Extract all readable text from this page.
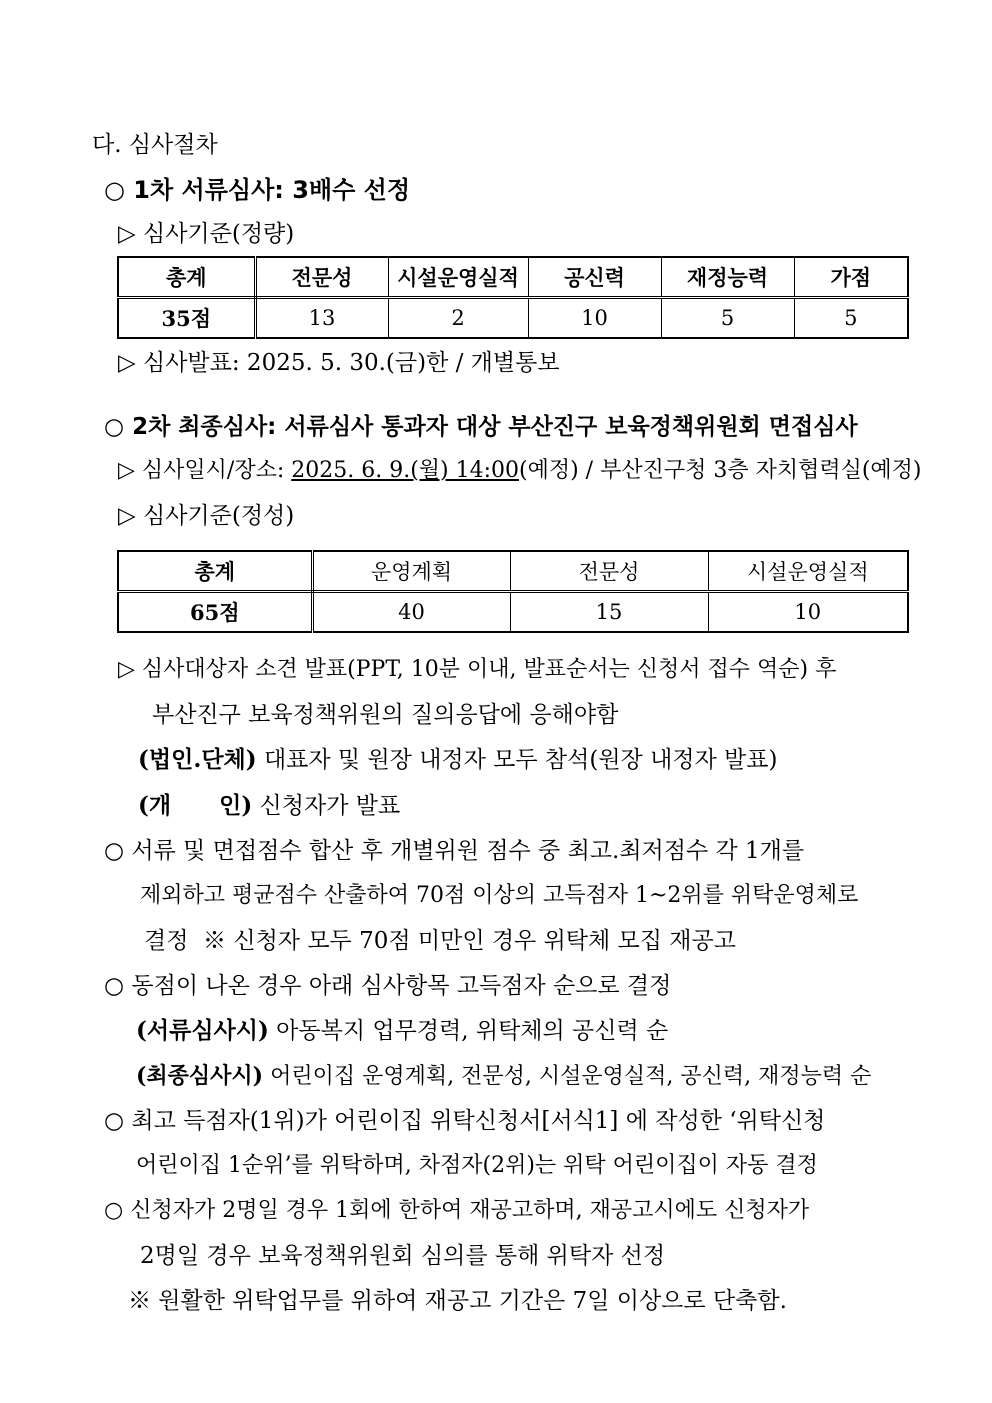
다. 심사절차
○ 1차 서류심사: 3배수 선정
▷ 심사기준(정량)
총계	전문성	시설운영실적	공신력	재정능력	가점
35점	13	2	10	5	5
▷ 심사발표: 2025. 5. 30.(금)한 / 개별통보
○ 2차 최종심사: 서류심사 통과자 대상 부산진구 보육정책위원회 면접심사
▷ 심사일시/장소: 2025. 6. 9.(월) 14:00(예정) / 부산진구청 3층 자치협력실(예정)
▷ 심사기준(정성)
총계	운영계획	전문성	시설운영실적
65점	40	15	10
▷ 심사대상자 소견 발표(PPT, 10분 이내, 발표순서는 신청서 접수 역순) 후
부산진구 보육정책위원의 질의응답에 응해야함
(법인.단체) 대표자 및 원장 내정자 모두 참석(원장 내정자 발표)
(개      인) 신청자가 발표
○ 서류 및 면접점수 합산 후 개별위원 점수 중 최고.최저점수 각 1개를
제외하고 평균점수 산출하여 70점 이상의 고득점자 1~2위를 위탁운영체로
결정  ※ 신청자 모두 70점 미만인 경우 위탁체 모집 재공고
○ 동점이 나온 경우 아래 심사항목 고득점자 순으로 결정
(서류심사시) 아동복지 업무경력, 위탁체의 공신력 순
(최종심사시) 어린이집 운영계획, 전문성, 시설운영실적, 공신력, 재정능력 순
○ 최고 득점자(1위)가 어린이집 위탁신청서[서식1] 에 작성한 ‘위탁신청
어린이집 1순위’를 위탁하며, 차점자(2위)는 위탁 어린이집이 자동 결정
○ 신청자가 2명일 경우 1회에 한하여 재공고하며, 재공고시에도 신청자가
2명일 경우 보육정책위원회 심의를 통해 위탁자 선정
※ 원활한 위탁업무를 위하여 재공고 기간은 7일 이상으로 단축함.
